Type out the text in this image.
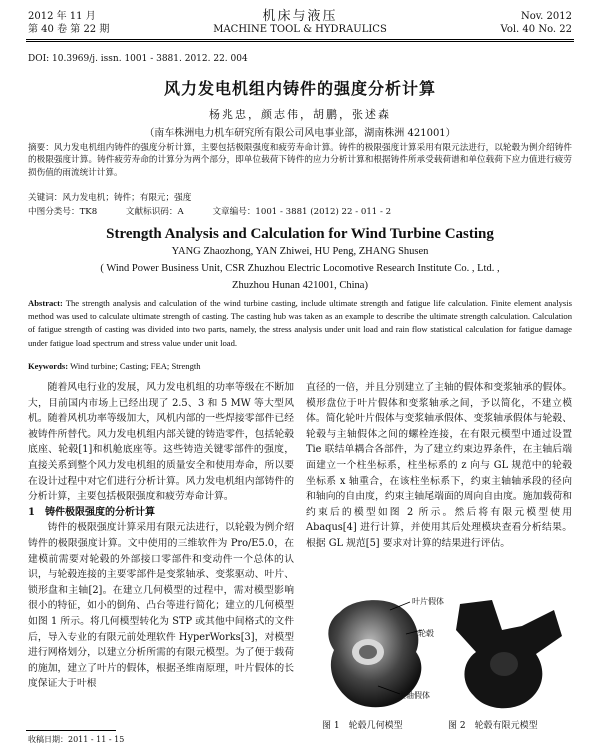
2012 年 11 月
第 40 卷 第 22 期
机床与液压
MACHINE TOOL & HYDRAULICS
Nov. 2012
Vol. 40 No. 22
DOI: 10.3969/j. issn. 1001 - 3881. 2012. 22. 004
风力发电机组内铸件的强度分析计算
杨兆忠，颜志伟，胡鹏，张述森
（南车株洲电力机车研究所有限公司风电事业部，湖南株洲 421001）
摘要：风力发电机组内铸件的强度分析计算，主要包括极限强度和疲劳寿命计算。铸件的极限强度计算采用有限元法进行，以轮毂为例介绍铸件的极限强度计算。铸件疲劳寿命的计算分为两个部分，即单位载荷下铸件的应力分析计算和根据铸件所承受载荷谱和单位载荷下应力值进行疲劳损伤值的雨流统计计算。
关键词：风力发电机；铸件；有限元；强度
中图分类号：TK8	文献标识码：A	文章编号：1001 - 3881 (2012) 22 - 011 - 2
Strength Analysis and Calculation for Wind Turbine Casting
YANG Zhaozhong, YAN Zhiwei, HU Peng, ZHANG Shusen
( Wind Power Business Unit, CSR Zhuzhou Electric Locomotive Research Institute Co. , Ltd. ,
Zhuzhou Hunan 421001, China)
Abstract: The strength analysis and calculation of the wind turbine casting, include ultimate strength and fatigue life calculation. Finite element analysis method was used to calculate ultimate strength of casting. The casting hub was taken as an example to describe the ultimate strength calculation. Calculation of fatigue strength of casting was divided into two parts, namely, the stress analysis under unit load and rain flow statistical calculation for fatigue damage under fatigue load spectrum and stress value under unit load.
Keywords: Wind turbine; Casting; FEA; Strength

随着风电行业的发展，风力发电机组的功率等级在不断加大，目前国内市场上已经出现了 2.5、3 和 5 MW 等大型风机。随着风机功率等级加大，风机内部的一些焊接零部件已经被铸件所替代。风力发电机组内部关键的铸造零件，包括轮毂底座、轮毂[1]和机舱底座等。这些铸造关键零部件的强度，直接关系到整个风力发电机组的质量安全和使用寿命，所以要在设计过程中对它们进行分析计算。风力发电机组内部铸件的分析计算，主要包括极限强度和疲劳寿命计算。

1　铸件极限强度的分析计算

铸件的极限强度计算采用有限元法进行，以轮毂为例介绍铸件的极限强度计算。文中使用的三维软件为 Pro/E5.0，在建模前需要对轮毂的外部接口零部件和变动件一个总体的认识，与轮毂连接的主要零部件是变浆轴承、变浆驱动、叶片、锁形盘和主轴[2]。在建立几何模型的过程中，需对模型影响很小的特征，如小的倒角、凸台等进行简化；建立的几何模型如图 1 所示。将几何模型转化为 STP 或其他中间格式的文件后，导入专业的有限元前处理软件 HyperWorks[3]，对模型进行网格划分，以建立分析所需的有限元模型。为了便于载荷的施加，建立了叶片的假体，根据圣维南原理，叶片假体的长度保证大于叶根

直径的一倍，并且分别建立了主轴的假体和变浆轴承的假体。模形盘位于叶片假体和变浆轴承之间，予以简化，不建立模体。简化轮叶片假体与变浆轴承假体、变浆轴承假体与轮毂、轮毂与主轴假体之间的螺栓连接，在有限元模型中通过设置 Tie 联结单耦合各部件，为了建立约束边界条件，在主轴后端面建立一个柱坐标系，柱坐标系的 z 向与 GL 规范中的轮毂坐标系 x 轴重合，在该柱坐标系下，约束主轴轴承段的径向和轴向的自由度，约束主轴尾端面的周向自由度。施加载荷和约束后的模型如图 2 所示。然后将有限元模型使用 Abaqus[4] 进行计算，并使用其后处理模块查看分析结果。根据 GL 规范[5] 要求对计算的结果进行评估。

叶片假体
轮毂
主轴假体
图 1　轮毂几何模型	图 2　轮毂有限元模型
收稿日期：2011 - 11 - 15
